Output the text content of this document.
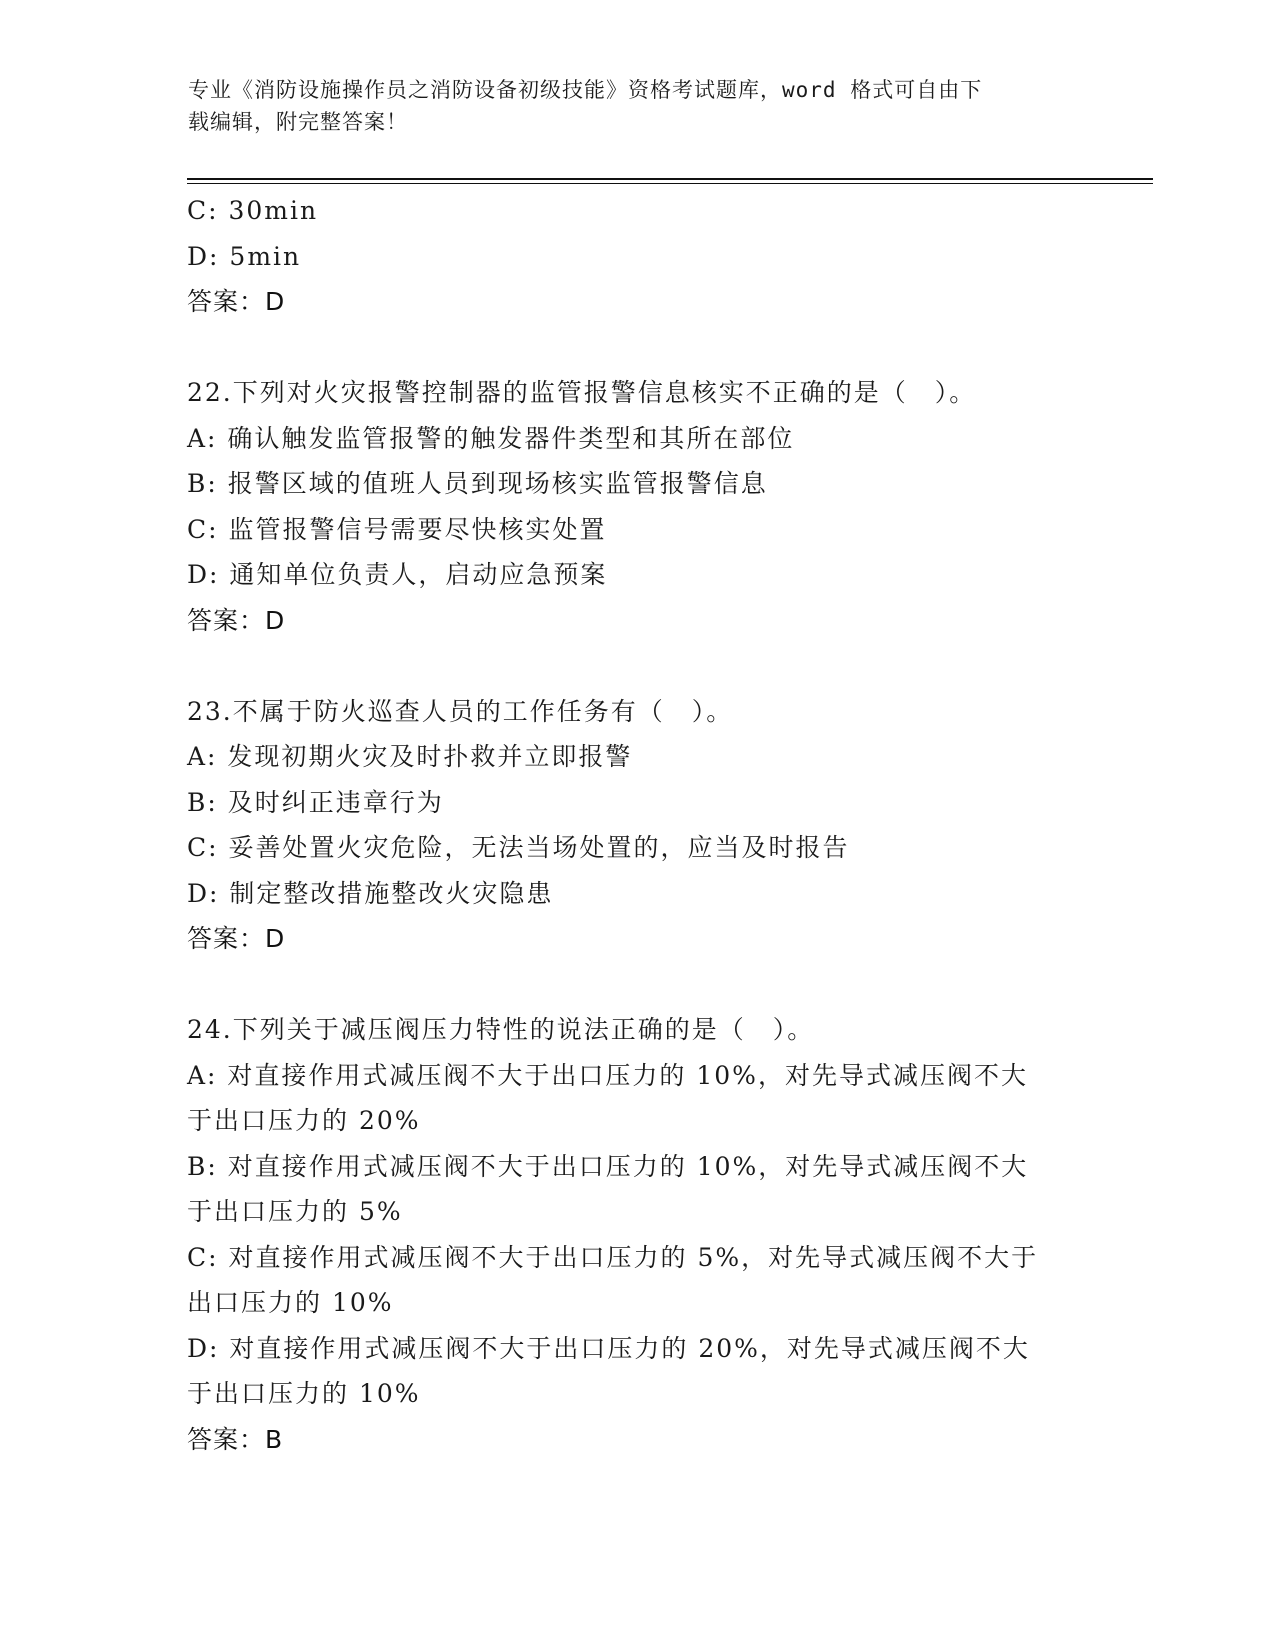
专业《消防设施操作员之消防设备初级技能》资格考试题库，word 格式可自由下
载编辑，附完整答案！
C: 30min
D: 5min
答案：D
22.下列对火灾报警控制器的监管报警信息核实不正确的是（　）。
A: 确认触发监管报警的触发器件类型和其所在部位
B: 报警区域的值班人员到现场核实监管报警信息
C: 监管报警信号需要尽快核实处置
D: 通知单位负责人，启动应急预案
答案：D
23.不属于防火巡查人员的工作任务有（　）。
A: 发现初期火灾及时扑救并立即报警
B: 及时纠正违章行为
C: 妥善处置火灾危险，无法当场处置的，应当及时报告
D: 制定整改措施整改火灾隐患
答案：D
24.下列关于减压阀压力特性的说法正确的是（　）。
A: 对直接作用式减压阀不大于出口压力的 10%，对先导式减压阀不大
于出口压力的 20%
B: 对直接作用式减压阀不大于出口压力的 10%，对先导式减压阀不大
于出口压力的 5%
C: 对直接作用式减压阀不大于出口压力的 5%，对先导式减压阀不大于
出口压力的 10%
D: 对直接作用式减压阀不大于出口压力的 20%，对先导式减压阀不大
于出口压力的 10%
答案：B
